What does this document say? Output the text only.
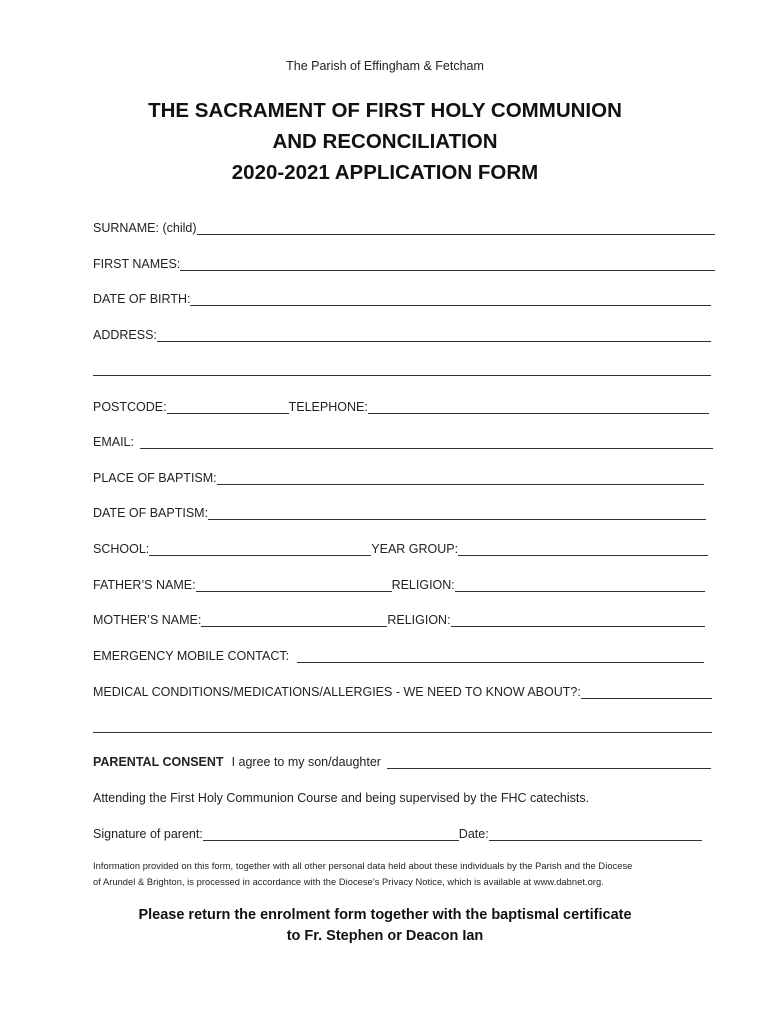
The Parish of Effingham & Fetcham
THE SACRAMENT OF FIRST HOLY COMMUNION
AND RECONCILIATION
2020-2021 APPLICATION FORM
SURNAME: (child)
FIRST NAMES:
DATE OF BIRTH:
ADDRESS:
POSTCODE:	TELEPHONE:
EMAIL:
PLACE OF BAPTISM:
DATE OF BAPTISM:
SCHOOL:	YEAR GROUP:
FATHER’S NAME:	RELIGION:
MOTHER’S NAME:	RELIGION:
EMERGENCY MOBILE CONTACT:
MEDICAL CONDITIONS/MEDICATIONS/ALLERGIES - WE NEED TO KNOW ABOUT?:
PARENTAL CONSENT I agree to my son/daughter
Attending the First Holy Communion Course and being supervised by the FHC catechists.
Signature of parent:	Date:
Information provided on this form, together with all other personal data held about these individuals by the Parish and the Diocese
of Arundel & Brighton, is processed in accordance with the Diocese’s Privacy Notice, which is available at www.dabnet.org.
Please return the enrolment form together with the baptismal certificate
to Fr. Stephen or Deacon Ian
